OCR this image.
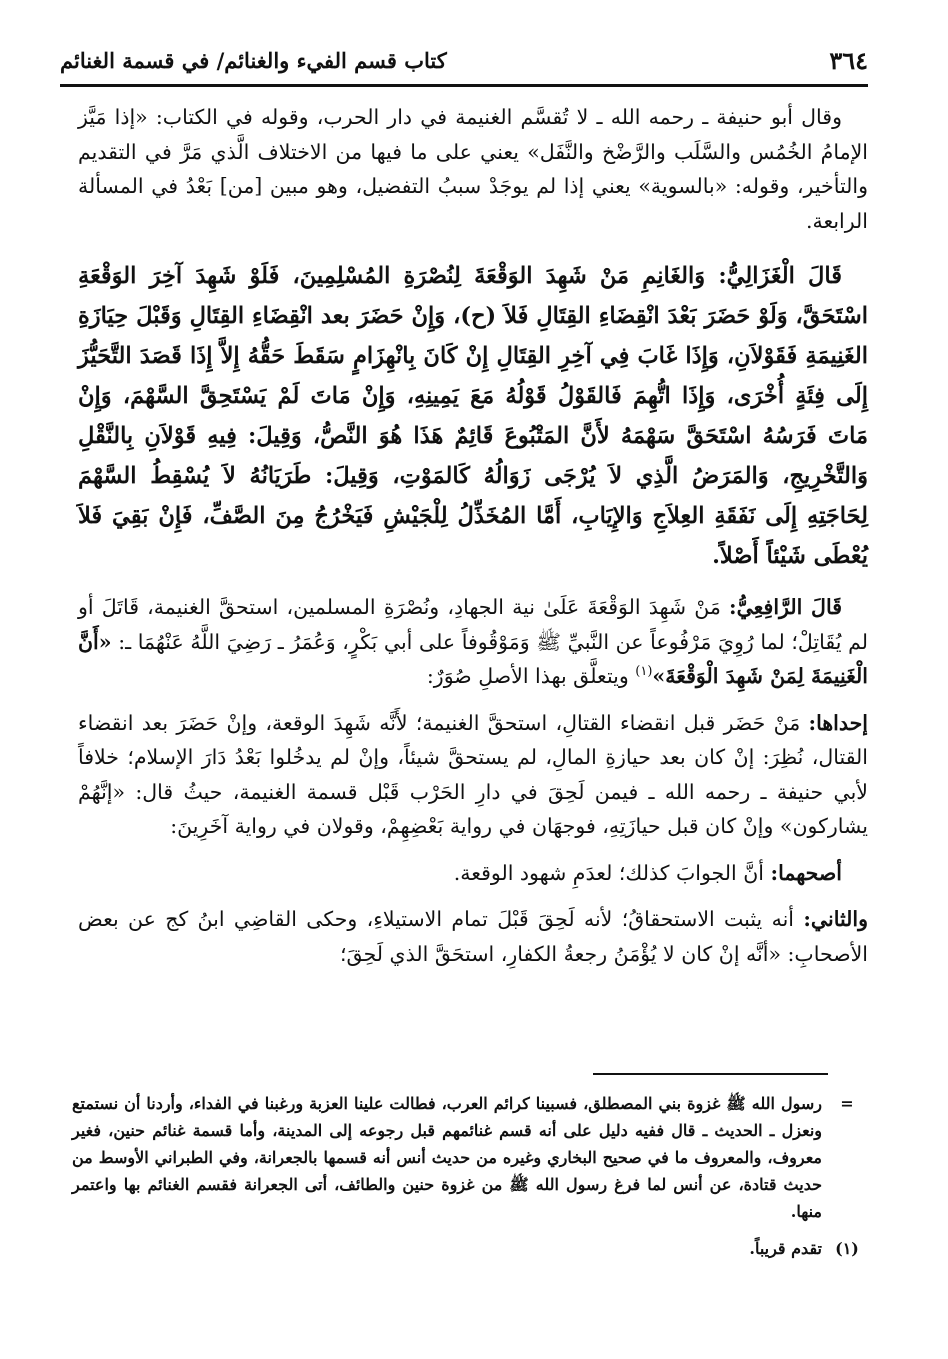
٣٦٤
كتاب قسم الفيء والغنائم/ في قسمة الغنائم

وقال أبو حنيفة ـ رحمه الله ـ لا تُقسَّم الغنيمة في دار الحرب، وقوله في الكتاب: «إذا مَيَّز الإمامُ الخُمُس والسَّلَب والرَّضْخ والنَّفَل» يعني على ما فيها من الاختلاف الَّذي مَرَّ في التقديم والتأخير، وقوله: «بالسوية» يعني إذا لم يوجَدْ سببُ التفضيل، وهو مبين [من] بَعْدُ في المسألة الرابعة.

قَالَ الْغَزَالِيُّ: وَالغَانِمِ مَنْ شَهِدَ الوَقْعَةَ لِنُصْرَةِ المُسْلِمِينَ، فَلَوْ شَهِدَ آخِرَ الوَقْعَةِ اسْتَحَقَّ، وَلَوْ حَضَرَ بَعْدَ انْقِضَاءِ القِتَالِ فَلاَ (ح)، وَإِنْ حَضَرَ بعد انْقِضَاءِ القِتَالِ وَقَبْلَ حِيَازَةِ الغَنِيمَةِ فَقَوْلاَنِ، وَإِذَا غَابَ فِي آخِرِ القِتَالِ إِنْ كَانَ بِانْهِزَامٍ سَقَطَ حَقُّهُ إِلاَّ إِذَا قَصَدَ التَّحَيُّزَ إِلَى فِئَةٍ أُخْرَى، وَإِذَا اتُّهِمَ فَالقَوْلُ قَوْلُهُ مَعَ يَمِينِهِ، وَإِنْ مَاتَ لَمْ يَسْتَحِقَّ السَّهْمَ، وَإِنْ مَاتَ فَرَسُهُ اسْتَحَقَّ سَهْمَهُ لأَنَّ المَتْبُوعَ قَائِمٌ هَذَا هُوَ النَّصُّ، وَقِيلَ: فِيهِ قَوْلاَنِ بِالنَّقْلِ وَالتَّخْرِيجِ، وَالمَرَضُ الَّذِي لاَ يُرْجَى زَوَالُهُ كَالمَوْتِ، وَقِيلَ: طَرَيَانُهُ لاَ يُسْقِطُ السَّهْمَ لِحَاجَتِهِ إِلَى نَفَقَةِ العِلاَجِ وَالإِيَابِ، أَمَّا المُخَذِّلُ لِلْجَيْشِ فَيَخْرُجُ مِنَ الصَّفِّ، فَإِنْ بَقِيَ فَلاَ يُعْطَى شَيْئاً أَصْلاً.

قَالَ الرَّافِعِيُّ: مَنْ شَهِدَ الوَقْعَةَ عَلَىٰ نية الجهادِ، ونُصْرَةِ المسلمين، استحقَّ الغنيمة، قَاتَلَ أو لم يُقَاتِلْ؛ لما رُوِيَ مَرْفُوعاً عن النَّبيِّ ﷺ وَمَوْقُوفاً على أبي بَكْرٍ، وَعُمَرُ ـ رَضِيَ اللَّهُ عَنْهُمَا ـ: «أَنَّ الْغَنِيمَةَ لِمَنْ شَهِدَ الْوَقْعَةَ»$^{(١)}$ ويتعلَّق بهذا الأصلِ صُوَرٌ:

إحداها: مَنْ حَضَر قبل انقضاء القتالِ، استحقَّ الغنيمة؛ لأَنَّه شَهِدَ الوقعة، وإنْ حَضَرَ بعد انقضاء القتال، نُظِرَ: إنْ كان بعد حيازةِ المالِ، لم يستحقَّ شيئاً، وإنْ لم يدخُلوا بَعْدُ دَارَ الإسلام؛ خلافاً لأبي حنيفة ـ رحمه الله ـ فيمن لَحِقَ في دارِ الحَرْب قَبْل قسمة الغنيمة، حيثُ قال: «إنَّهُمْ يشاركون» وإنْ كان قبل حيازَتِهِ، فوجهَان في رواية بَعْضِهِمْ، وقولان في رواية آخَرِينَ:

أصحهما: أنَّ الجوابَ كذلك؛ لعدَمِ شهود الوقعة.

والثاني: أنه يثبت الاستحقاقُ؛ لأنه لَحِقَ قَبْلَ تمام الاستيلاءِ، وحكى القاضِي ابنُ كج عن بعض الأصحابِ: «أنَّه إنْ كان لا يُؤْمَنُ رجعةُ الكفارِ، استحَقَّ الذي لَحِقَ؛

=
رسول الله ﷺ غزوة بني المصطلق، فسبينا كرائم العرب، فطالت علينا العزبة ورغبنا في الفداء، وأردنا أن نستمتع ونعزل ـ الحديث ـ قال ففيه دليل على أنه قسم غنائمهم قبل رجوعه إلى المدينة، وأما قسمة غنائم حنين، فغير معروف، والمعروف ما في صحيح البخاري وغيره من حديث أنس أنه قسمها بالجعرانة، وفي الطبراني الأوسط من حديث قتادة، عن أنس لما فرغ رسول الله ﷺ من غزوة حنين والطائف، أتى الجعرانة فقسم الغنائم بها واعتمر منها.
(١)
تقدم قريباً.
